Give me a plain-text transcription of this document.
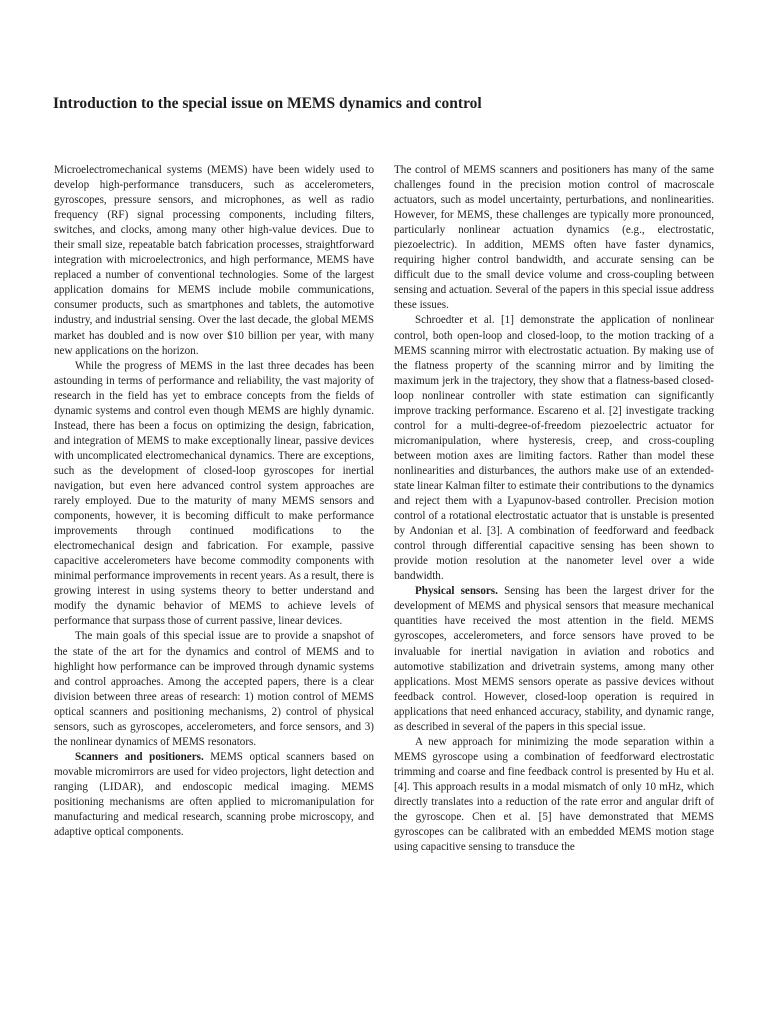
Introduction to the special issue on MEMS dynamics and control

Microelectromechanical systems (MEMS) have been widely used to develop high-performance transducers, such as accelerometers, gyroscopes, pressure sensors, and microphones, as well as radio frequency (RF) signal processing components, including filters, switches, and clocks, among many other high-value devices. Due to their small size, repeatable batch fabrication processes, straightforward integration with microelectronics, and high performance, MEMS have replaced a number of conventional technologies. Some of the largest application domains for MEMS include mobile communications, consumer products, such as smartphones and tablets, the automotive industry, and industrial sensing. Over the last decade, the global MEMS market has doubled and is now over $10 billion per year, with many new applications on the horizon.

While the progress of MEMS in the last three decades has been astounding in terms of performance and reliability, the vast majority of research in the field has yet to embrace concepts from the fields of dynamic systems and control even though MEMS are highly dynamic. Instead, there has been a focus on optimizing the design, fabrication, and integration of MEMS to make exceptionally linear, passive devices with uncomplicated electromechanical dynamics. There are exceptions, such as the development of closed-loop gyroscopes for inertial navigation, but even here advanced control system approaches are rarely employed. Due to the maturity of many MEMS sensors and components, however, it is becoming difficult to make performance improvements through continued modifications to the electromechanical design and fabrication. For example, passive capacitive accelerometers have become commodity components with minimal performance improvements in recent years. As a result, there is growing interest in using systems theory to better understand and modify the dynamic behavior of MEMS to achieve levels of performance that surpass those of current passive, linear devices.

The main goals of this special issue are to provide a snapshot of the state of the art for the dynamics and control of MEMS and to highlight how performance can be improved through dynamic systems and control approaches. Among the accepted papers, there is a clear division between three areas of research: 1) motion control of MEMS optical scanners and positioning mechanisms, 2) control of physical sensors, such as gyroscopes, accelerometers, and force sensors, and 3) the nonlinear dynamics of MEMS resonators.

Scanners and positioners. MEMS optical scanners based on movable micromirrors are used for video projectors, light detection and ranging (LIDAR), and endoscopic medical imaging. MEMS positioning mechanisms are often applied to micromanipulation for manufacturing and medical research, scanning probe microscopy, and adaptive optical components.

The control of MEMS scanners and positioners has many of the same challenges found in the precision motion control of macroscale actuators, such as model uncertainty, perturbations, and nonlinearities. However, for MEMS, these challenges are typically more pronounced, particularly nonlinear actuation dynamics (e.g., electrostatic, piezoelectric). In addition, MEMS often have faster dynamics, requiring higher control bandwidth, and accurate sensing can be difficult due to the small device volume and cross-coupling between sensing and actuation. Several of the papers in this special issue address these issues.

Schroedter et al. [1] demonstrate the application of nonlinear control, both open-loop and closed-loop, to the motion tracking of a MEMS scanning mirror with electrostatic actuation. By making use of the flatness property of the scanning mirror and by limiting the maximum jerk in the trajectory, they show that a flatness-based closed-loop nonlinear controller with state estimation can significantly improve tracking performance. Escareno et al. [2] investigate tracking control for a multi-degree-of-freedom piezoelectric actuator for micromanipulation, where hysteresis, creep, and cross-coupling between motion axes are limiting factors. Rather than model these nonlinearities and disturbances, the authors make use of an extended-state linear Kalman filter to estimate their contributions to the dynamics and reject them with a Lyapunov-based controller. Precision motion control of a rotational electrostatic actuator that is unstable is presented by Andonian et al. [3]. A combination of feedforward and feedback control through differential capacitive sensing has been shown to provide motion resolution at the nanometer level over a wide bandwidth.

Physical sensors. Sensing has been the largest driver for the development of MEMS and physical sensors that measure mechanical quantities have received the most attention in the field. MEMS gyroscopes, accelerometers, and force sensors have proved to be invaluable for inertial navigation in aviation and robotics and automotive stabilization and drivetrain systems, among many other applications. Most MEMS sensors operate as passive devices without feedback control. However, closed-loop operation is required in applications that need enhanced accuracy, stability, and dynamic range, as described in several of the papers in this special issue.

A new approach for minimizing the mode separation within a MEMS gyroscope using a combination of feedforward electrostatic trimming and coarse and fine feedback control is presented by Hu et al. [4]. This approach results in a modal mismatch of only 10 mHz, which directly translates into a reduction of the rate error and angular drift of the gyroscope. Chen et al. [5] have demonstrated that MEMS gyroscopes can be calibrated with an embedded MEMS motion stage using capacitive sensing to transduce the
